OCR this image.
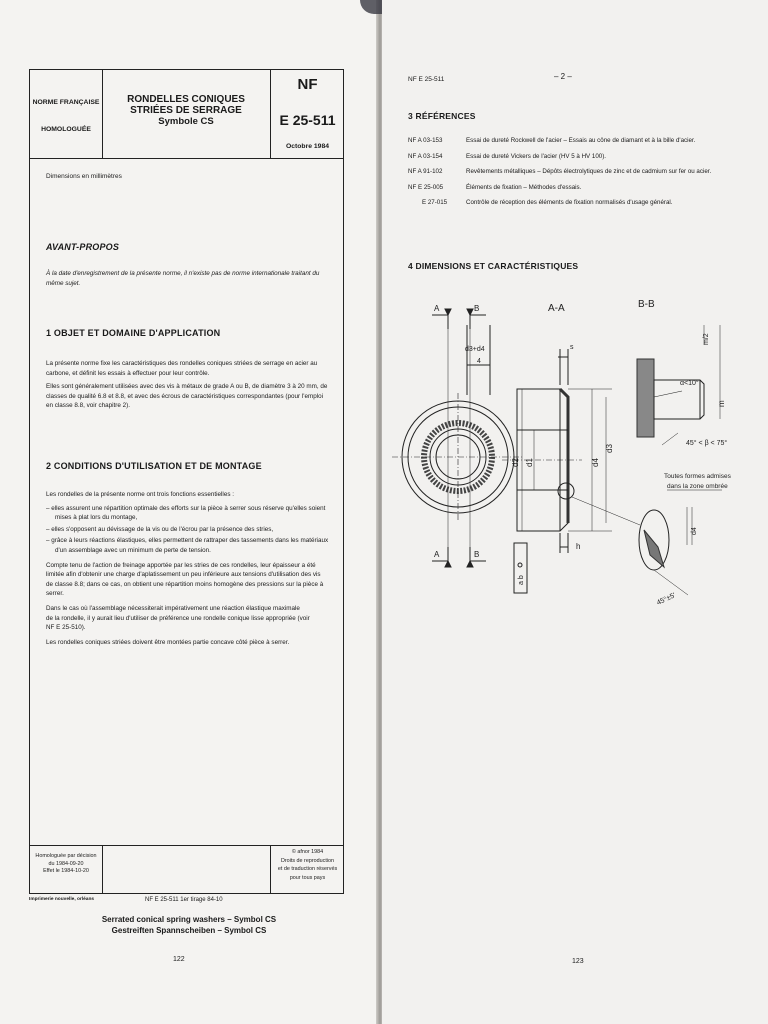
NORME FRANÇAISE
HOMOLOGUÉE
RONDELLES CONIQUES
STRIÉES DE SERRAGE
Symbole CS
NF
E 25-511
Octobre 1984
Dimensions en millimètres
AVANT-PROPOS
À la date d'enregistrement de la présente norme, il n'existe pas de norme internationale traitant du
même sujet.
1 OBJET ET DOMAINE D'APPLICATION
La présente norme fixe les caractéristiques des rondelles coniques striées de serrage en acier au
carbone, et définit les essais à effectuer pour leur contrôle.
Elles sont généralement utilisées avec des vis à métaux de grade A ou B, de diamètre 3 à 20 mm, de
classes de qualité 6.8 et 8.8, et avec des écrous de caractéristiques correspondantes (pour l'emploi
en classe 8.8, voir chapitre 2).
2 CONDITIONS D'UTILISATION ET DE MONTAGE
Les rondelles de la présente norme ont trois fonctions essentielles :
– elles assurent une répartition optimale des efforts sur la pièce à serrer sous réserve qu'elles soient
mises à plat lors du montage,
– elles s'opposent au dévissage de la vis ou de l'écrou par la présence des stries,
– grâce à leurs réactions élastiques, elles permettent de rattraper des tassements dans les matériaux
d'un assemblage avec un minimum de perte de tension.
Compte tenu de l'action de freinage apportée par les stries de ces rondelles, leur épaisseur a été
limitée afin d'obtenir une charge d'aplatissement un peu inférieure aux tensions d'utilisation des vis
de classe 8.8; dans ce cas, on obtient une répartition moins homogène des pressions sur la pièce à
serrer.
Dans le cas où l'assemblage nécessiterait impérativement une réaction élastique maximale
de la rondelle, il y aurait lieu d'utiliser de préférence une rondelle conique lisse appropriée (voir
NF E 25-510).
Les rondelles coniques striées doivent être montées partie concave côté pièce à serrer.
Homologuée par décision
du 1984-09-20
Effet le 1984-10-20
© afnor 1984
Droits de reproduction
et de traduction réservés
pour tous pays
Imprimerie nouvelle, orléans	NF E 25-511 1er tirage 84-10
Serrated conical spring washers – Symbol CS
Gestreiften Spannscheiben – Symbol CS
122
NF E 25-511	– 2 –
3 RÉFÉRENCES
NF A 03-153	Essai de dureté Rockwell de l'acier – Essais au cône de diamant et à la bille d'acier.
NF A 03-154	Essai de dureté Vickers de l'acier (HV 5 à HV 100).
NF A 91-102	Revêtements métalliques – Dépôts électrolytiques de zinc et de cadmium sur fer ou acier.
NF E 25-005	Éléments de fixation – Méthodes d'essais.
E 27-015	Contrôle de réception des éléments de fixation normalisés d'usage général.
4 DIMENSIONS ET CARACTÉRISTIQUES
A	B
A	B
A-A	B-B
d3+d4
4
s
d2 d1	d4
d3
h
m
m/2
α<10°
45° < β < 75°
Toutes formes admises
dans la zone ombrée
d4
45°±5'
a b
123
